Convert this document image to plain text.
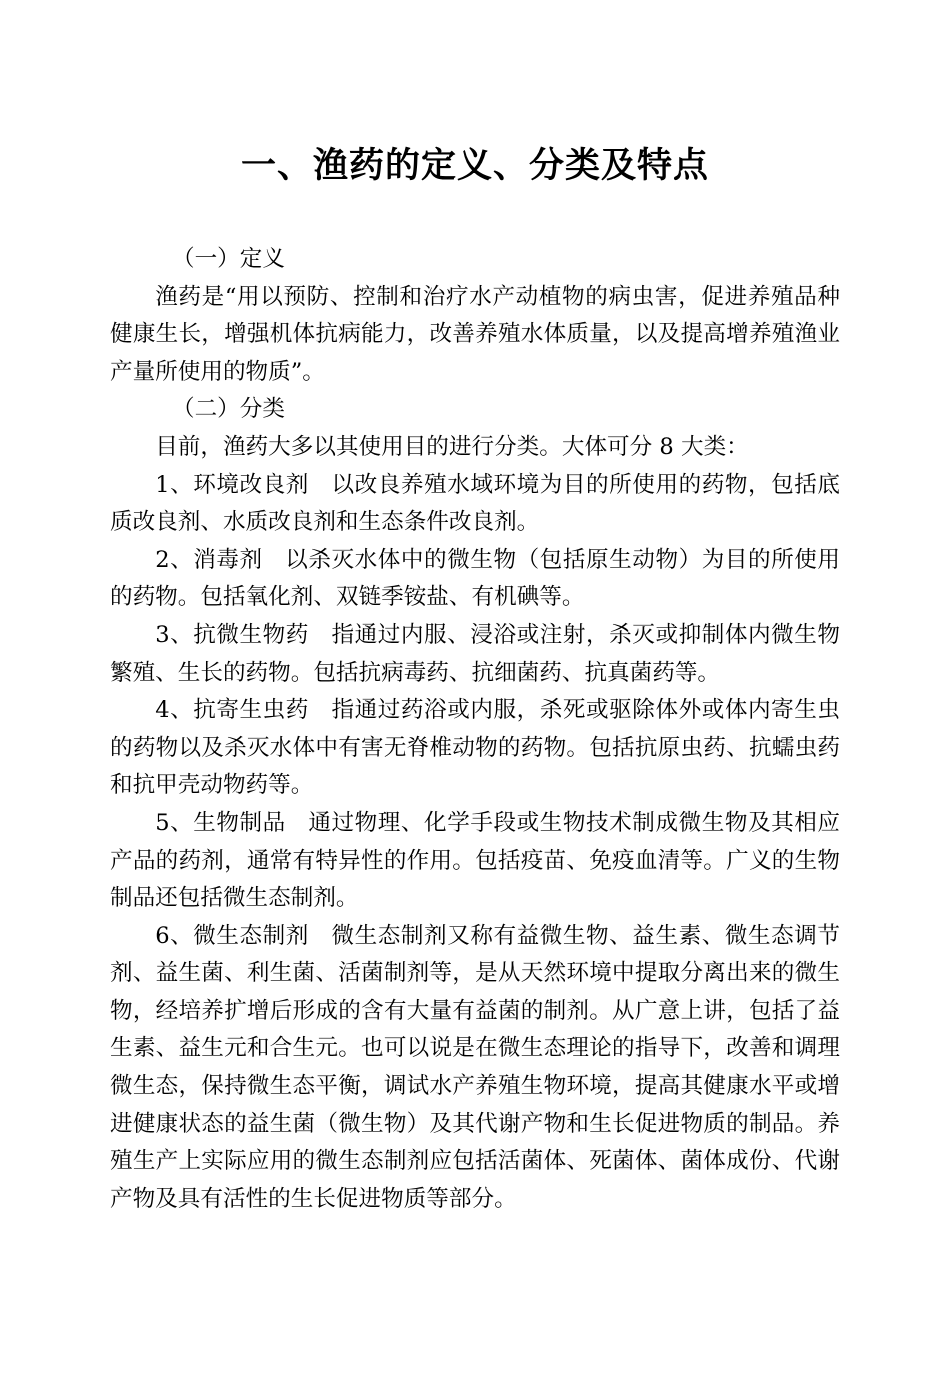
一、渔药的定义、分类及特点
（一）定义

渔药是“用以预防、控制和治疗水产动植物的病虫害，促进养殖品种健康生长，增强机体抗病能力，改善养殖水体质量，以及提高增养殖渔业产量所使用的物质”。

（二）分类

目前，渔药大多以其使用目的进行分类。大体可分 8 大类：

1、环境改良剂 以改良养殖水域环境为目的所使用的药物，包括底质改良剂、水质改良剂和生态条件改良剂。

2、消毒剂 以杀灭水体中的微生物（包括原生动物）为目的所使用的药物。包括氧化剂、双链季铵盐、有机碘等。

3、抗微生物药 指通过内服、浸浴或注射，杀灭或抑制体内微生物繁殖、生长的药物。包括抗病毒药、抗细菌药、抗真菌药等。

4、抗寄生虫药 指通过药浴或内服，杀死或驱除体外或体内寄生虫的药物以及杀灭水体中有害无脊椎动物的药物。包括抗原虫药、抗蠕虫药和抗甲壳动物药等。

5、生物制品 通过物理、化学手段或生物技术制成微生物及其相应产品的药剂，通常有特异性的作用。包括疫苗、免疫血清等。广义的生物制品还包括微生态制剂。

6、微生态制剂 微生态制剂又称有益微生物、益生素、微生态调节剂、益生菌、利生菌、活菌制剂等，是从天然环境中提取分离出来的微生物，经培养扩增后形成的含有大量有益菌的制剂。从广意上讲，包括了益生素、益生元和合生元。也可以说是在微生态理论的指导下，改善和调理微生态，保持微生态平衡，调试水产养殖生物环境，提高其健康水平或增进健康状态的益生菌（微生物）及其代谢产物和生长促进物质的制品。养殖生产上实际应用的微生态制剂应包括活菌体、死菌体、菌体成份、代谢产物及具有活性的生长促进物质等部分。
